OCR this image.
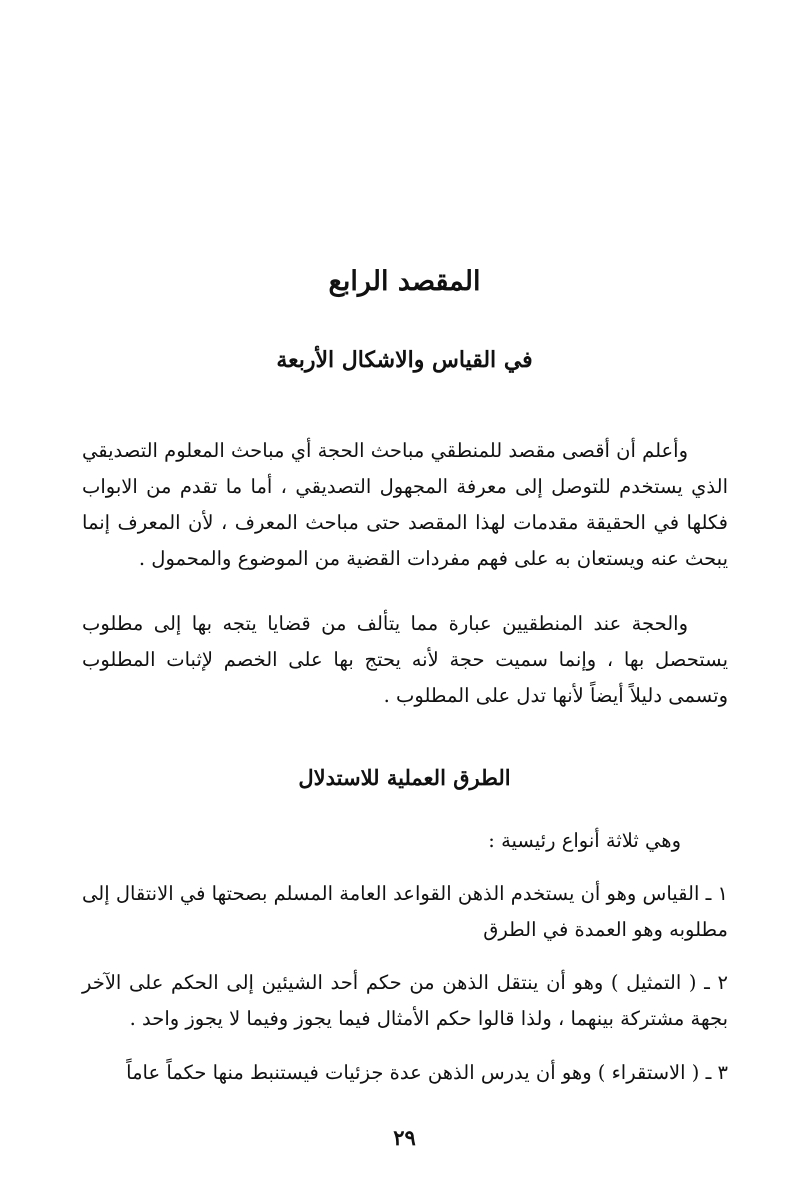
المقصد الرابع
في القياس والاشكال الأربعة

وأعلم أن أقصى مقصد للمنطقي مباحث الحجة أي مباحث المعلوم التصديقي الذي يستخدم للتوصل إلى معرفة المجهول التصديقي ، أما ما تقدم من الابواب فكلها في الحقيقة مقدمات لهذا المقصد حتى مباحث المعرف ، لأن المعرف إنما يبحث عنه ويستعان به على فهم مفردات القضية من الموضوع والمحمول .

والحجة عند المنطقيين عبارة مما يتألف من قضايا يتجه بها إلى مطلوب يستحصل بها ، وإنما سميت حجة لأنه يحتج بها على الخصم لإثبات المطلوب وتسمى دليلاً أيضاً لأنها تدل على المطلوب .

الطرق العملية للاستدلال
وهي ثلاثة أنواع رئيسية :
١ ـ القياس وهو أن يستخدم الذهن القواعد العامة المسلم بصحتها في الانتقال إلى مطلوبه وهو العمدة في الطرق
٢ ـ ( التمثيل ) وهو أن ينتقل الذهن من حكم أحد الشيئين إلى الحكم على الآخر بجهة مشتركة بينهما ، ولذا قالوا حكم الأمثال فيما يجوز وفيما لا يجوز واحد .
٣ ـ ( الاستقراء ) وهو أن يدرس الذهن عدة جزئيات فيستنبط منها حكماً عاماً
٢٩
